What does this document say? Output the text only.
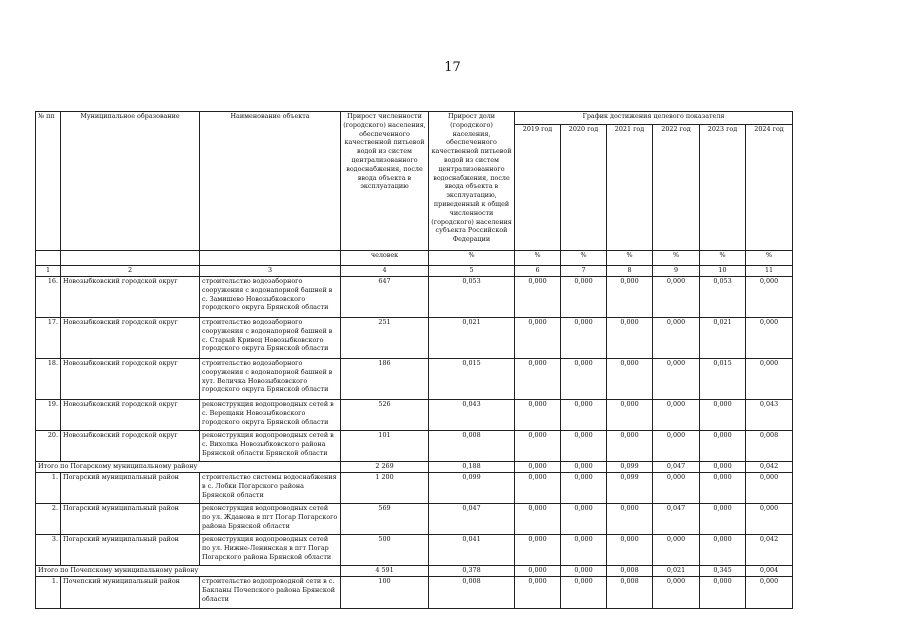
17
№ пп	Муниципальное образование	Наименование объекта	Прирост численности (городского) населения, обеспеченного качественной питьевой водой из систем централизованного водоснабжения, после ввода объекта в эксплуатацию	Прирост доли (городского) населения, обеспеченного качественной питьевой водой из систем централизованного водоснабжения, после ввода объекта в эксплуатацию, приведенный к общей численности (городского) населения субъекта Российской Федерации	График достижения целевого показателя					
					2019 год	2020 год	2021 год	2022 год	2023 год	2024 год
			человек	%	%	%	%	%	%	%
1	2	3	4	5	6	7	8	9	10	11
16.	Новозыбковский городской округ	строительство водозаборного сооружения с водонапорной башней в с. Замишево Новозыбковского городского округа Брянской области	647	0,053	0,000	0,000	0,000	0,000	0,053	0,000
17.	Новозыбковский городской округ	строительство водозаборного сооружения с водонапорной башней в с. Старый Кривец Новозыбковского городского округа Брянской области	251	0,021	0,000	0,000	0,000	0,000	0,021	0,000
18.	Новозыбковский городской округ	строительство водозаборного сооружения с водонапорной башней в хут. Величка Новозыбковского городского округа Брянской области	186	0,015	0,000	0,000	0,000	0,000	0,015	0,000
19.	Новозыбковский городской округ	реконструкция водопроводных сетей в с. Верещаки Новозыбковского городского округа Брянской области	526	0,043	0,000	0,000	0,000	0,000	0,000	0,043
20.	Новозыбковский городской округ	реконструкция водопроводных сетей в с. Вихолка Новозыбковского района Брянской области Брянской области	101	0,008	0,000	0,000	0,000	0,000	0,000	0,008
Итого по Погарскому муниципальному району			2 269	0,188	0,000	0,000	0,099	0,047	0,000	0,042
1.	Погарский муниципальный район	строительство системы водоснабжения в с. Лобки Погарского района Брянской области	1 200	0,099	0,000	0,000	0,099	0,000	0,000	0,000
2.	Погарский муниципальный район	реконструкция водопроводных сетей по ул. Жданова в пгт Погар Погарского района Брянской области	569	0,047	0,000	0,000	0,000	0,047	0,000	0,000
3.	Погарский муниципальный район	реконструкция водопроводных сетей по ул. Нижне-Ленинская в пгт Погар Погарского района Брянской области	500	0,041	0,000	0,000	0,000	0,000	0,000	0,042
Итого по Почепскому муниципальному району			4 591	0,378	0,000	0,000	0,008	0,021	0,345	0,004
1.	Почепский муниципальный район	строительство водопроводной сети в с. Бакланы Почепского района Брянской области	100	0,008	0,000	0,000	0,008	0,000	0,000	0,000
